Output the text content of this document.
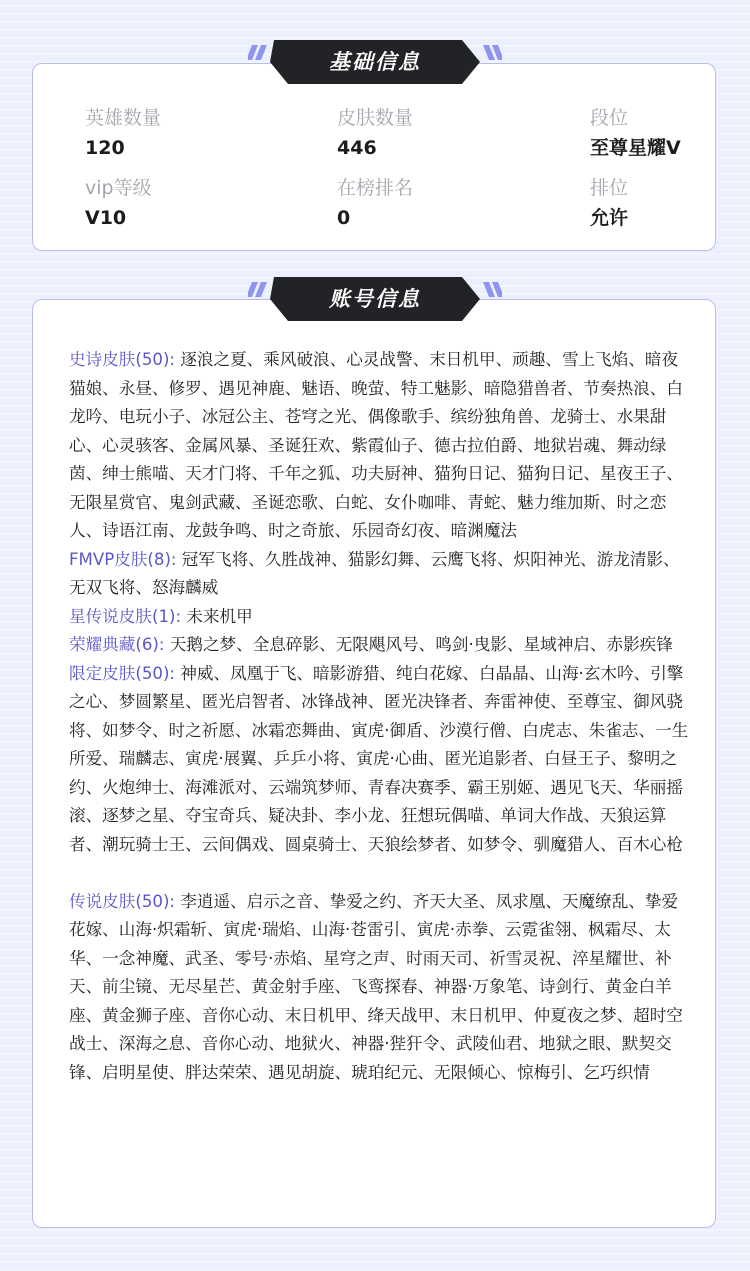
英雄数量
120
皮肤数量
446
段位
至尊星耀V
vip等级
V10
在榜排名
0
排位
允许
基础信息
史诗皮肤(50): 逐浪之夏、乘风破浪、心灵战警、末日机甲、顽趣、雪上飞焰、暗夜猫娘、永昼、修罗、遇见神鹿、魅语、晚萤、特工魅影、暗隐猎兽者、节奏热浪、白龙吟、电玩小子、冰冠公主、苍穹之光、偶像歌手、缤纷独角兽、龙骑士、水果甜心、心灵骇客、金属风暴、圣诞狂欢、紫霞仙子、德古拉伯爵、地狱岩魂、舞动绿茵、绅士熊喵、天才门将、千年之狐、功夫厨神、猫狗日记、猫狗日记、星夜王子、无限星赏官、鬼剑武藏、圣诞恋歌、白蛇、女仆咖啡、青蛇、魅力维加斯、时之恋人、诗语江南、龙鼓争鸣、时之奇旅、乐园奇幻夜、暗渊魔法
FMVP皮肤(8): 冠军飞将、久胜战神、猫影幻舞、云鹰飞将、炽阳神光、游龙清影、无双飞将、怒海麟威
星传说皮肤(1): 未来机甲
荣耀典藏(6): 天鹅之梦、全息碎影、无限飓风号、鸣剑·曳影、星域神启、赤影疾锋
限定皮肤(50): 神威、凤凰于飞、暗影游猎、纯白花嫁、白晶晶、山海·玄木吟、引擎之心、梦圆繁星、匿光启智者、冰锋战神、匿光决锋者、奔雷神使、至尊宝、御风骁将、如梦令、时之祈愿、冰霜恋舞曲、寅虎·御盾、沙漠行僧、白虎志、朱雀志、一生所爱、瑞麟志、寅虎·展翼、乒乒小将、寅虎·心曲、匿光追影者、白昼王子、黎明之约、火炮绅士、海滩派对、云端筑梦师、青春决赛季、霸王别姬、遇见飞天、华丽摇滚、逐梦之星、夺宝奇兵、疑决卦、李小龙、狂想玩偶喵、单词大作战、天狼运算者、潮玩骑士王、云间偶戏、圆桌骑士、天狼绘梦者、如梦令、驯魔猎人、百木心枪
传说皮肤(50): 李逍遥、启示之音、挚爱之约、齐天大圣、凤求凰、天魔缭乱、挚爱花嫁、山海·炽霜斩、寅虎·瑞焰、山海·苍雷引、寅虎·赤拳、云霓雀翎、枫霜尽、太华、一念神魔、武圣、零号·赤焰、星穹之声、时雨天司、祈雪灵祝、淬星耀世、补天、前尘镜、无尽星芒、黄金射手座、飞鸾探春、神器·万象笔、诗剑行、黄金白羊座、黄金狮子座、音你心动、末日机甲、绛天战甲、末日机甲、仲夏夜之梦、超时空战士、深海之息、音你心动、地狱火、神器·狴犴令、武陵仙君、地狱之眼、默契交锋、启明星使、胖达荣荣、遇见胡旋、琥珀纪元、无限倾心、惊梅引、乞巧织情
账号信息
